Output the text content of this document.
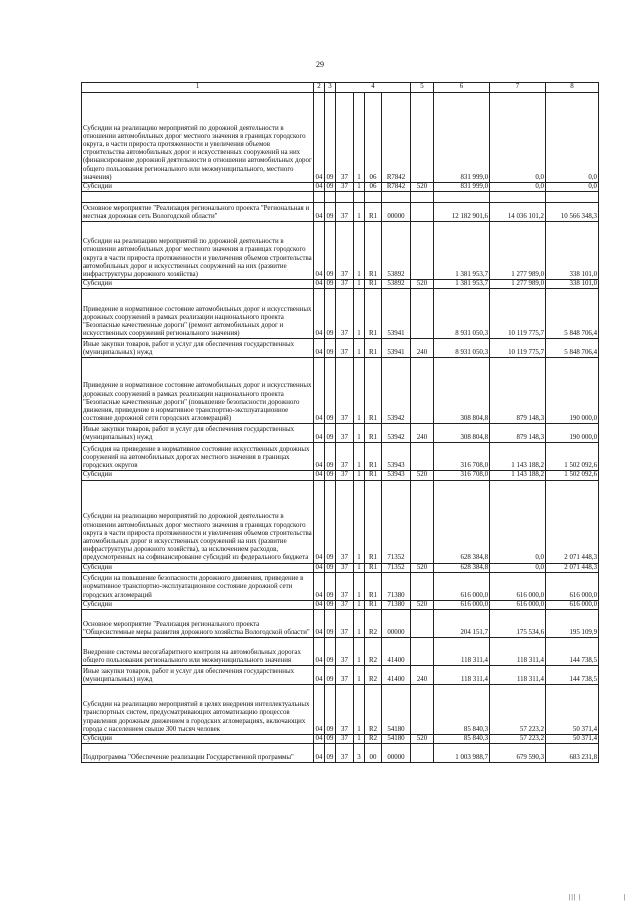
29
1	2	3	4				5	6	7	8
Субсидии на реализацию мероприятий по дорожной деятельности в отношении автомобильных дорог местного значения в границах городского округа, в части прироста протяженности и увеличения объемов строительства автомобильных дорог и искусственных сооружений на них (финансирование дорожной деятельности в отношении автомобильных дорог общего пользования регионального или межмуниципального, местного значения)	04	09	37	1	06	R7842		831 999,0	0,0	0,0
Субсидии	04	09	37	1	06	R7842	520	831 999,0	0,0	0,0

Основное мероприятие "Реализация регионального проекта "Региональная и местная дорожная сеть Вологодской области"	04	09	37	1	R1	00000		12 182 901,6	14 036 101,2	10 566 348,3
Субсидии на реализацию мероприятий по дорожной деятельности в отношении автомобильных дорог местного значения в границах городского округа в части прироста протяженности и увеличения объемов строительства автомобильных дорог и искусственных сооружений на них (развитие инфраструктуры дорожного хозяйства)	04	09	37	1	R1	53892		1 381 953,7	1 277 989,0	338 101,0
Субсидии	04	09	37	1	R1	53892	520	1 381 953,7	1 277 989,0	338 101,0
Приведение в нормативное состояние автомобильных дорог и искусственных дорожных сооружений в рамках реализации национального проекта "Безопасные качественные дороги" (ремонт автомобильных дорог и искусственных сооружений регионального значения)	04	09	37	1	R1	53941		8 931 050,3	10 119 775,7	5 848 706,4
Иные закупки товаров, работ и услуг для обеспечения государственных (муниципальных) нужд	04	09	37	1	R1	53941	240	8 931 050,3	10 119 775,7	5 848 706,4
Приведение в нормативное состояние автомобильных дорог и искусственных дорожных сооружений в рамках реализации национального проекта "Безопасные качественные дороги" (повышение безопасности дорожного движения, приведение в нормативное транспортно-эксплуатационное состояние дорожной сети городских агломераций)	04	09	37	1	R1	53942		308 804,8	879 148,3	190 000,0
Иные закупки товаров, работ и услуг для обеспечения государственных (муниципальных) нужд	04	09	37	1	R1	53942	240	308 804,8	879 148,3	190 000,0
Субсидия на приведение в нормативное состояние искусственных дорожных сооружений на автомобильных дорогах местного значения в границах городских округов	04	09	37	1	R1	53943		316 708,0	1 143 188,2	1 502 092,6
Субсидии	04	09	37	1	R1	53943	520	316 708,0	1 143 188,2	1 502 092,6
Субсидии на реализацию мероприятий по дорожной деятельности в отношении автомобильных дорог местного значения в границах городского округа в части прироста протяженности и увеличения объемов строительства автомобильных дорог и искусственных сооружений на них (развитие инфраструктуры дорожного хозяйства), за исключением расходов, предусмотренных на софинансирование субсидий из федерального бюджета	04	09	37	1	R1	71352		628 384,8	0,0	2 071 448,3
Субсидии	04	09	37	1	R1	71352	520	628 384,8	0,0	2 071 448,3
Субсидии на повышение безопасности дорожного движения, приведение в нормативное транспортно-эксплуатационное состояние дорожной сети городских агломераций	04	09	37	1	R1	71380		616 000,0	616 000,0	616 000,0
Субсидии	04	09	37	1	R1	71380	520	616 000,0	616 000,0	616 000,0
Основное мероприятие "Реализация регионального проекта "Общесистемные меры развития дорожного хозяйства Вологодской области"	04	09	37	1	R2	00000		204 151,7	175 534,6	195 109,9
Внедрение системы весогабаритного контроля на автомобильных дорогах общего пользования регионального или межмуниципального значения	04	09	37	1	R2	41400		118 311,4	118 311,4	144 738,5
Иные закупки товаров, работ и услуг для обеспечения государственных (муниципальных) нужд	04	09	37	1	R2	41400	240	118 311,4	118 311,4	144 738,5
Субсидии на реализацию мероприятий в целях внедрения интеллектуальных транспортных систем, предусматривающих автоматизацию процессов управления дорожным движением в городских агломерациях, включающих города с населением свыше 300 тысяч человек	04	09	37	1	R2	54180		85 840,3	57 223,2	50 371,4
Субсидии	04	09	37	1	R2	54180	520	85 840,3	57 223,2	50 371,4
Подпрограмма "Обеспечение реализации Государственной программы"	04	09	37	3	00	00000		1 003 988,7	679 590,3	683 231,8
||| |	|
